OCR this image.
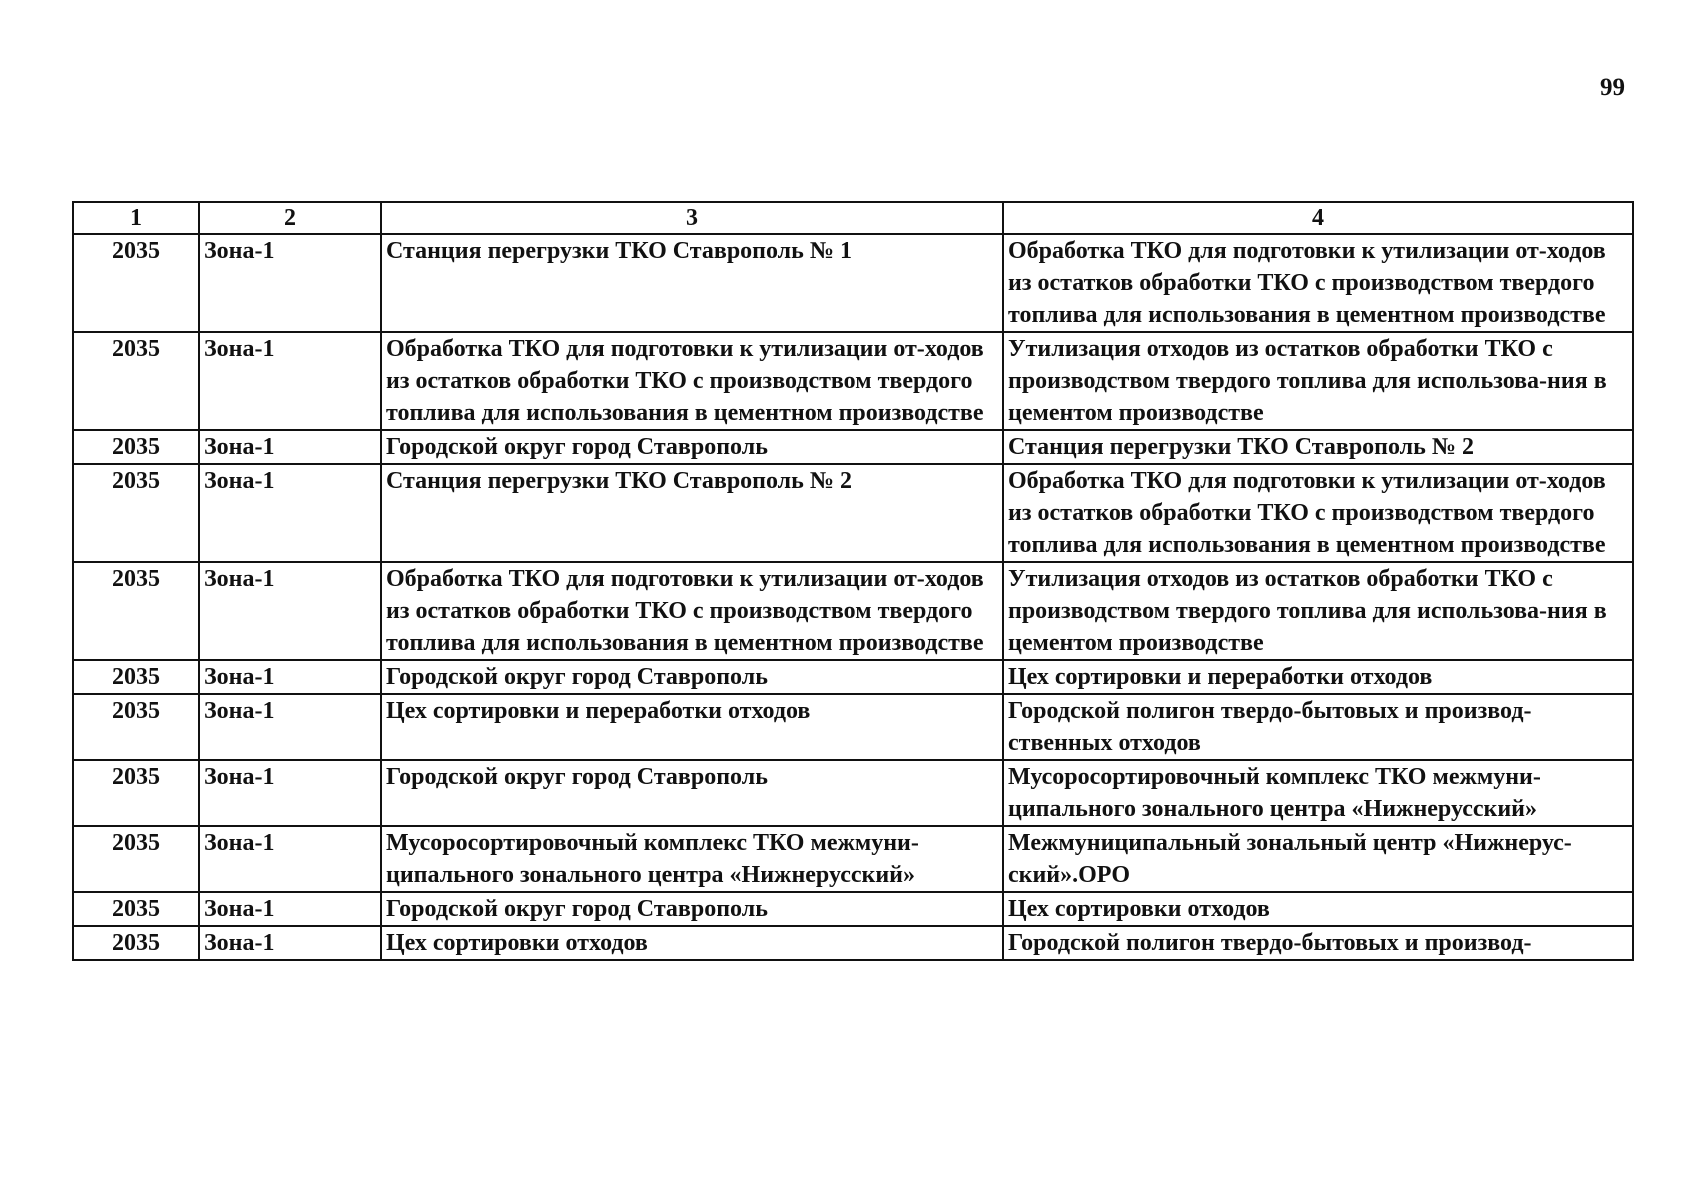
99
1	2	3	4
2035	Зона-1	Станция перегрузки ТКО Ставрополь № 1	Обработка ТКО для подготовки к утилизации от-ходов из остатков обработки ТКО с производством твердого топлива для использования в цементном производстве
2035	Зона-1	Обработка ТКО для подготовки к утилизации от-ходов из остатков обработки ТКО с производством твердого топлива для использования в цементном производстве	Утилизация отходов из остатков обработки ТКО с производством твердого топлива для использова-ния в цементом производстве
2035	Зона-1	Городской округ город Ставрополь	Станция перегрузки ТКО Ставрополь № 2
2035	Зона-1	Станция перегрузки ТКО Ставрополь № 2	Обработка ТКО для подготовки к утилизации от-ходов из остатков обработки ТКО с производством твердого топлива для использования в цементном производстве
2035	Зона-1	Обработка ТКО для подготовки к утилизации от-ходов из остатков обработки ТКО с производством твердого топлива для использования в цементном производстве	Утилизация отходов из остатков обработки ТКО с производством твердого топлива для использова-ния в цементом производстве
2035	Зона-1	Городской округ город Ставрополь	Цех сортировки и переработки отходов
2035	Зона-1	Цех сортировки и переработки отходов	Городской полигон твердо-бытовых и производ-ственных отходов
2035	Зона-1	Городской округ город Ставрополь	Мусоросортировочный комплекс ТКО межмуни-ципального зонального центра «Нижнерусский»
2035	Зона-1	Мусоросортировочный комплекс ТКО межмуни-ципального зонального центра «Нижнерусский»	Межмуниципальный зональный центр «Нижнерус-ский».ОРО
2035	Зона-1	Городской округ город Ставрополь	Цех сортировки отходов
2035	Зона-1	Цех сортировки отходов	Городской полигон твердо-бытовых и производ-
